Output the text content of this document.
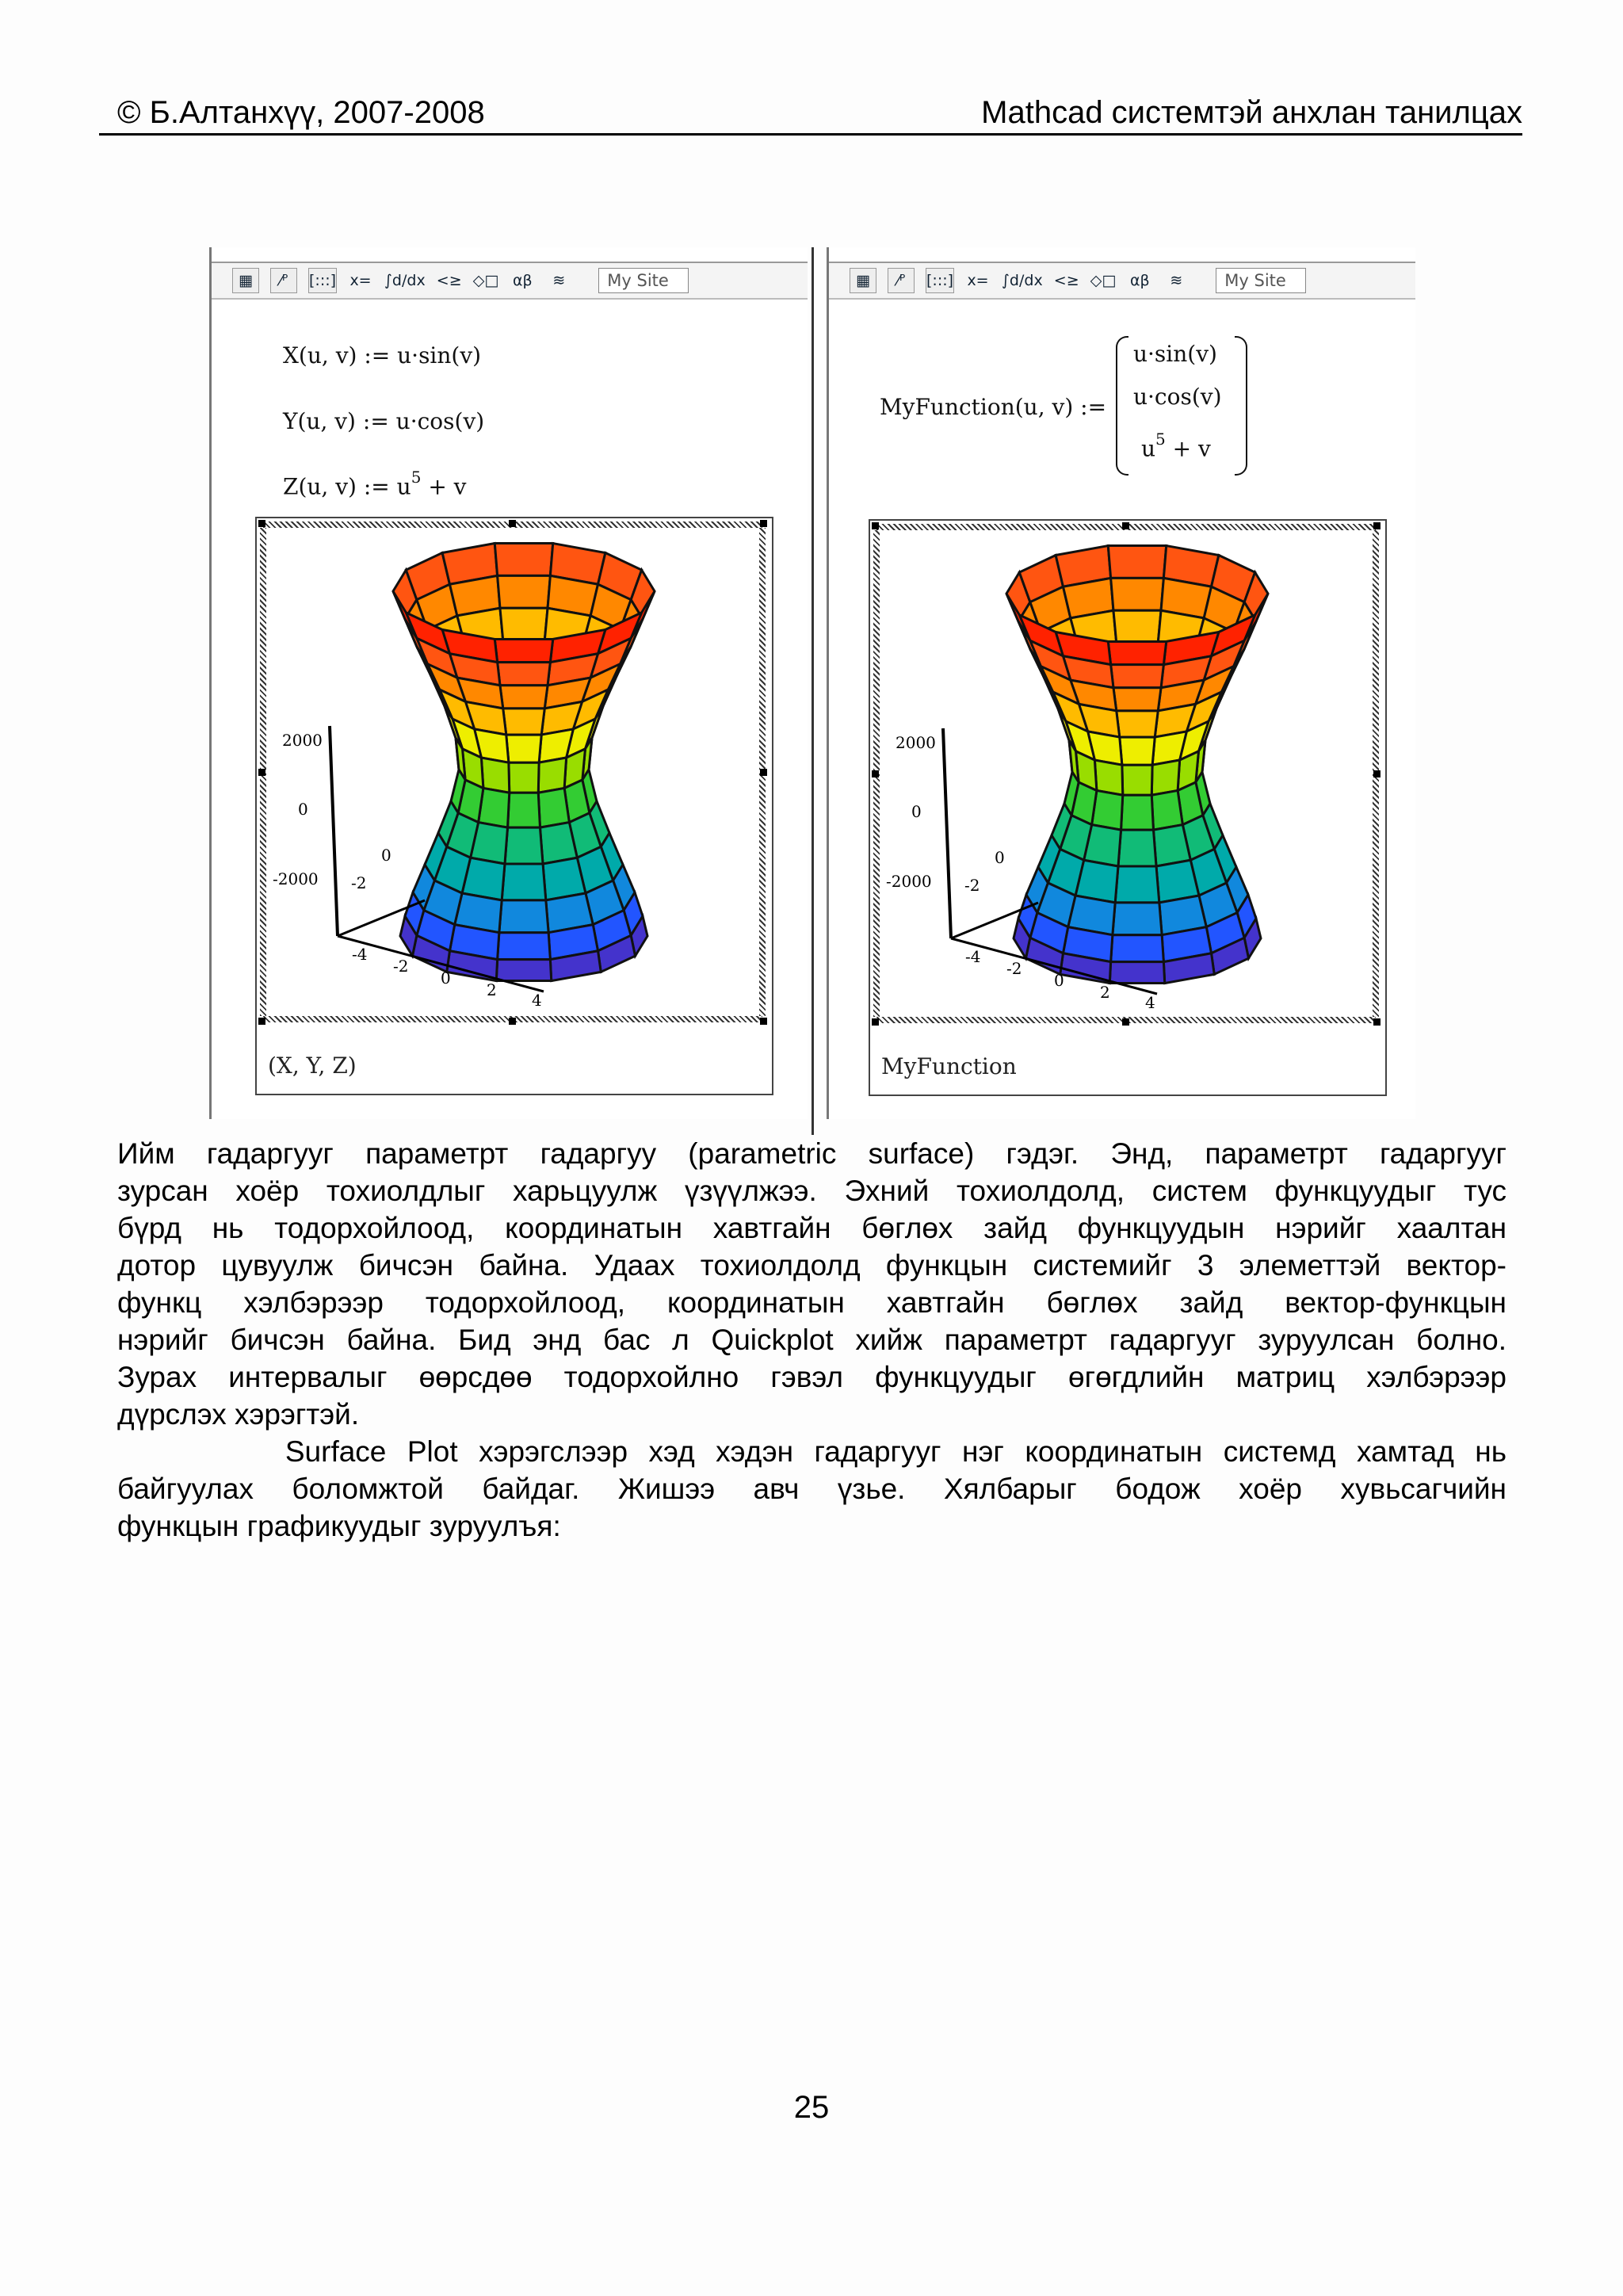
© Б.Алтанхүү, 2007-2008	Mathcad системтэй анхлан танилцах
▦	⁄ᴾ	[:::] x= ∫d/dx <≥ ◇□ αβ	≋	My Site
X(u, v) := u·sin(v)
Y(u, v) := u·cos(v)
Z(u, v) := $u^5 + v$
2000
0
-2000
0
-2
-4
-2
0
2
4
(X, Y, Z)
▦	⁄ᴾ	[:::] x= ∫d/dx <≥ ◇□ αβ	≋	My Site
MyFunction(u, v) :=
u·sin(v)
u·cos(v)
$u^5 + v$
2000
0
-2000
0
-2
-4
-2
0
2
4
MyFunction
Ийм гадаргууг параметрт гадаргуу (parametric surface) гэдэг. Энд, параметрт гадаргууг
зурсан хоёр тохиолдлыг харьцуулж үзүүлжээ. Эхний тохиолдолд, систем функцуудыг тус
бүрд нь тодорхойлоод, координатын хавтгайн бөглөх зайд функцуудын нэрийг хаалтан
дотор цувуулж бичсэн байна. Удаах тохиолдолд функцын системийг 3 элеметтэй вектор-
функц хэлбэрээр тодорхойлоод, координатын хавтгайн бөглөх зайд вектор-функцын
нэрийг бичсэн байна. Бид энд бас л Quickplot хийж параметрт гадаргууг зуруулсан болно.
Зурах интервалыг өөрсдөө тодорхойлно гэвэл функцуудыг өгөгдлийн матриц хэлбэрээр
дүрслэх хэрэгтэй.
Surface Plot хэрэгслээр хэд хэдэн гадаргууг нэг координатын системд хамтад нь
байгуулах боломжтой байдаг. Жишээ авч үзье. Хялбарыг бодож хоёр хувьсагчийн
функцын графикуудыг зуруулъя:
25
